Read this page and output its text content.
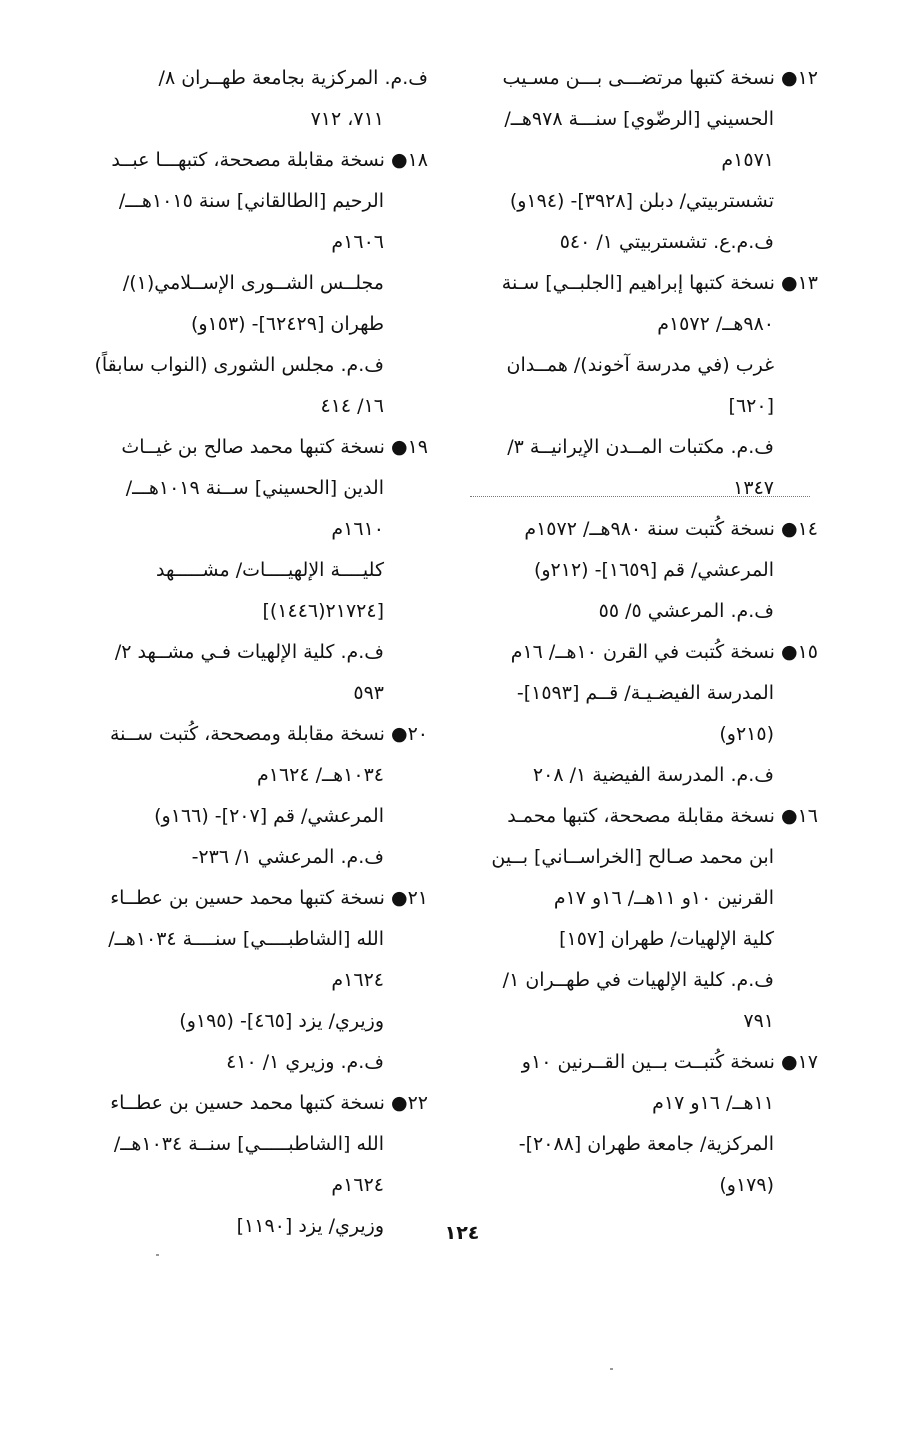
١٢● نسخة كتبها مرتضـــى بـــن مسـيب
الحسيني [الرضّوي] سنـــة ٩٧٨هــ/
١٥٧١م
تشستربيتي/ دبلن [٣٩٢٨]- (١٩٤و)
ف.م.ع. تشستربيتي ١/ ٥٤٠
١٣● نسخة كتبها إبراهيم [الجلبــي] سـنة
٩٨٠هــ/ ١٥٧٢م
غرب (في مدرسة آخوند)/ همــدان
[٦٢٠]
ف.م. مكتبات المــدن الإيرانيــة ٣/
١٣٤٧
١٤● نسخة كُتبت سنة ٩٨٠هــ/ ١٥٧٢م
المرعشي/ قم [١٦٥٩]- (٢١٢و)
ف.م. المرعشي ٥/ ٥٥
١٥● نسخة كُتبت في القرن ١٠هــ/ ١٦م
المدرسة الفيضـيـة/ قــم [١٥٩٣]-
(٢١٥و)
ف.م. المدرسة الفيضية ١/ ٢٠٨
١٦● نسخة مقابلة مصححة، كتبها محمـد
ابن محمد صـالح [الخراســاني] بــين
القرنين ١٠و ١١هــ/ ١٦و ١٧م
كلية الإلهيات/ طهران [١٥٧]
ف.م. كلية الإلهيات في طهــران ١/
٧٩١
١٧● نسخة كُتبــت بــين القــرنين ١٠و
١١هــ/ ١٦و ١٧م
المركزية/ جامعة طهران [٢٠٨٨]-
(١٧٩و)
ف.م. المركزية بجامعة طهــران ٨/
٧١١، ٧١٢
١٨● نسخة مقابلة مصححة، كتبهـــا عبــد
الرحيم [الطالقاني] سنة ١٠١٥هـــ/
١٦٠٦م
مجلــس الشــورى الإســلامي(١)/
طهران [٦٢٤٢٩]- (١٥٣و)
ف.م. مجلس الشورى (النواب سابقاً)
١٦/ ٤١٤
١٩● نسخة كتبها محمد صالح بن غيــاث
الدين [الحسيني] ســنة ١٠١٩هـــ/
١٦١٠م
كليــــة الإلهيــــات/ مشـــــهد
[٢١٧٢٤(١٤٤٦)]
ف.م. كلية الإلهيات فـي مشــهد ٢/
٥٩٣
٢٠● نسخة مقابلة ومصححة، كُتبت ســنة
١٠٣٤هــ/ ١٦٢٤م
المرعشي/ قم [٢٠٧]- (١٦٦و)
ف.م. المرعشي ١/ ٢٣٦-
٢١● نسخة كتبها محمد حسين بن عطــاء
الله [الشاطبــــي] سنــــة ١٠٣٤هــ/
١٦٢٤م
وزيري/ يزد [٤٦٥]- (١٩٥و)
ف.م. وزيري ١/ ٤١٠
٢٢● نسخة كتبها محمد حسين بن عطــاء
الله [الشاطبـــــي] سنــة ١٠٣٤هــ/
١٦٢٤م
وزيري/ يزد [١١٩٠]	١٢٤
